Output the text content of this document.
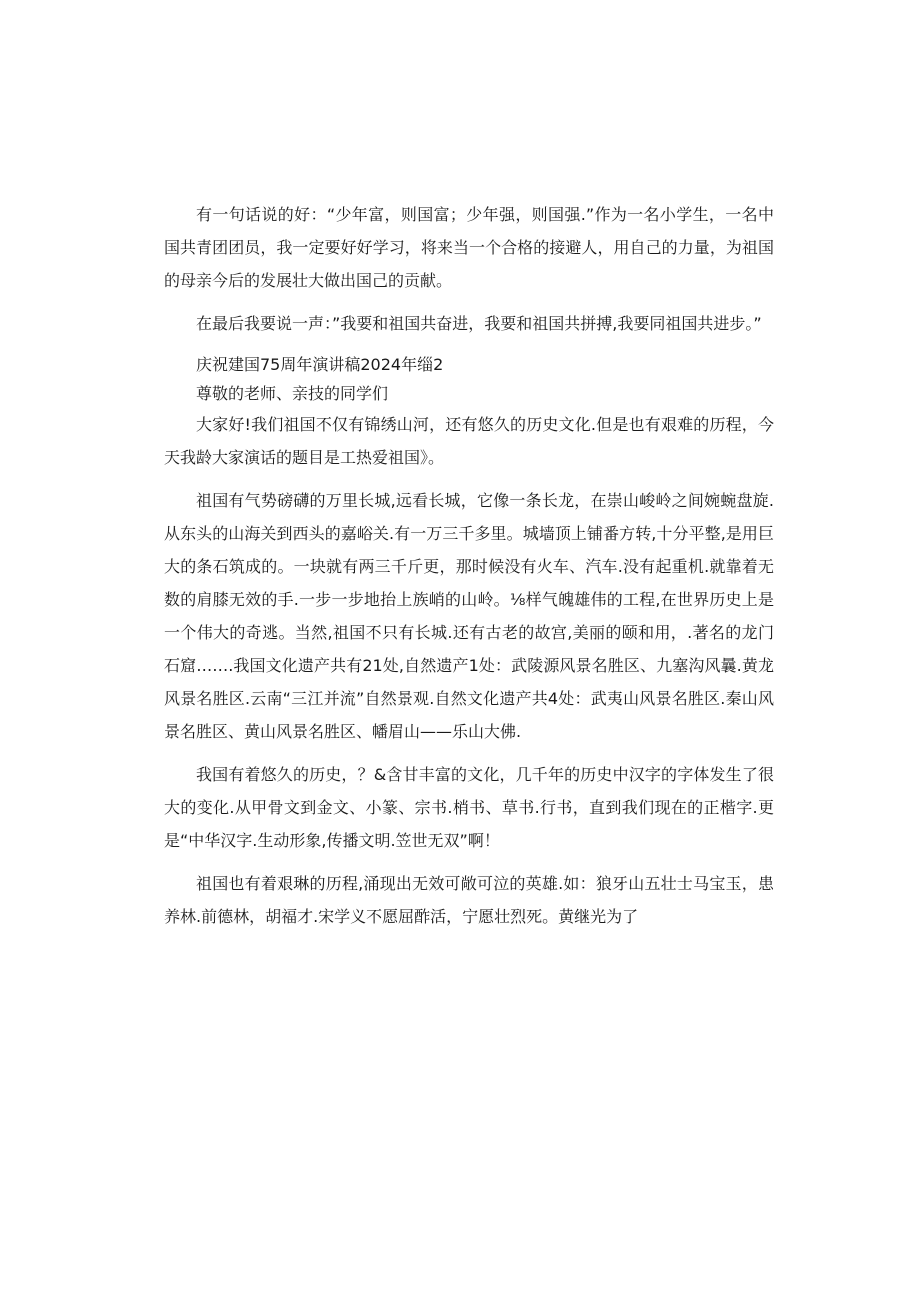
有一句话说的好：“少年富，则国富；少年强，则国强.”作为一名小学生，一名中国共青团团员，我一定要好好学习，将来当一个合格的接避人，用自己的力量，为祖国的母亲今后的发展壮大做出国己的贡献。

在最后我要说一声：”我要和祖国共奋进，我要和祖国共拼搏,我要同祖国共进步。”

庆祝建国75周年演讲稿2024年缁2

尊敬的老师、亲技的同学们

大家好!我们祖国不仅有锦绣山河，还有悠久的历史文化.但是也有艰难的历程，今天我龄大家演话的题目是工热爱祖国》。

祖国有气势磅礴的万里长城,远看长城，它像一条长龙，在崇山峻岭之间婉蜿盘旋.从东头的山海关到西头的嘉峪关.有一万三千多里。城墙顶上铺番方转,十分平整,是用巨大的条石筑成的。一块就有两三千斤更，那时候没有火车、汽车.没有起重机.就靠着无数的肩膝无效的手.一步一步地抬上族峭的山岭。⅛样气魄雄伟的工程,在世界历史上是一个伟大的奇逃。当然,祖国不只有长城.还有古老的故宫,美丽的颐和用，.著名的龙门石窟…….我国文化遗产共有21处,自然遗产1处：武陵源风景名胜区、九塞沟风曩.黄龙风景名胜区.云南“三江并流”自然景观.自然文化遗产共4处：武夷山风景名胜区.秦山风景名胜区、黄山风景名胜区、幡眉山——乐山大佛.

我国有着悠久的历史，？&含甘丰富的文化，几千年的历史中汉字的字体发生了很大的变化.从甲骨文到金文、小篆、宗书.梢书、草书.行书，直到我们现在的正楷字.更是“中华汉字.生动形象,传播文明.笠世无双”啊！

祖国也有着艰琳的历程,涌现出无效可敞可泣的英雄.如：狼牙山五壮士马宝玉，患养林.前德林，胡福才.宋学义不愿屈酢活，宁愿壮烈死。黄继光为了
